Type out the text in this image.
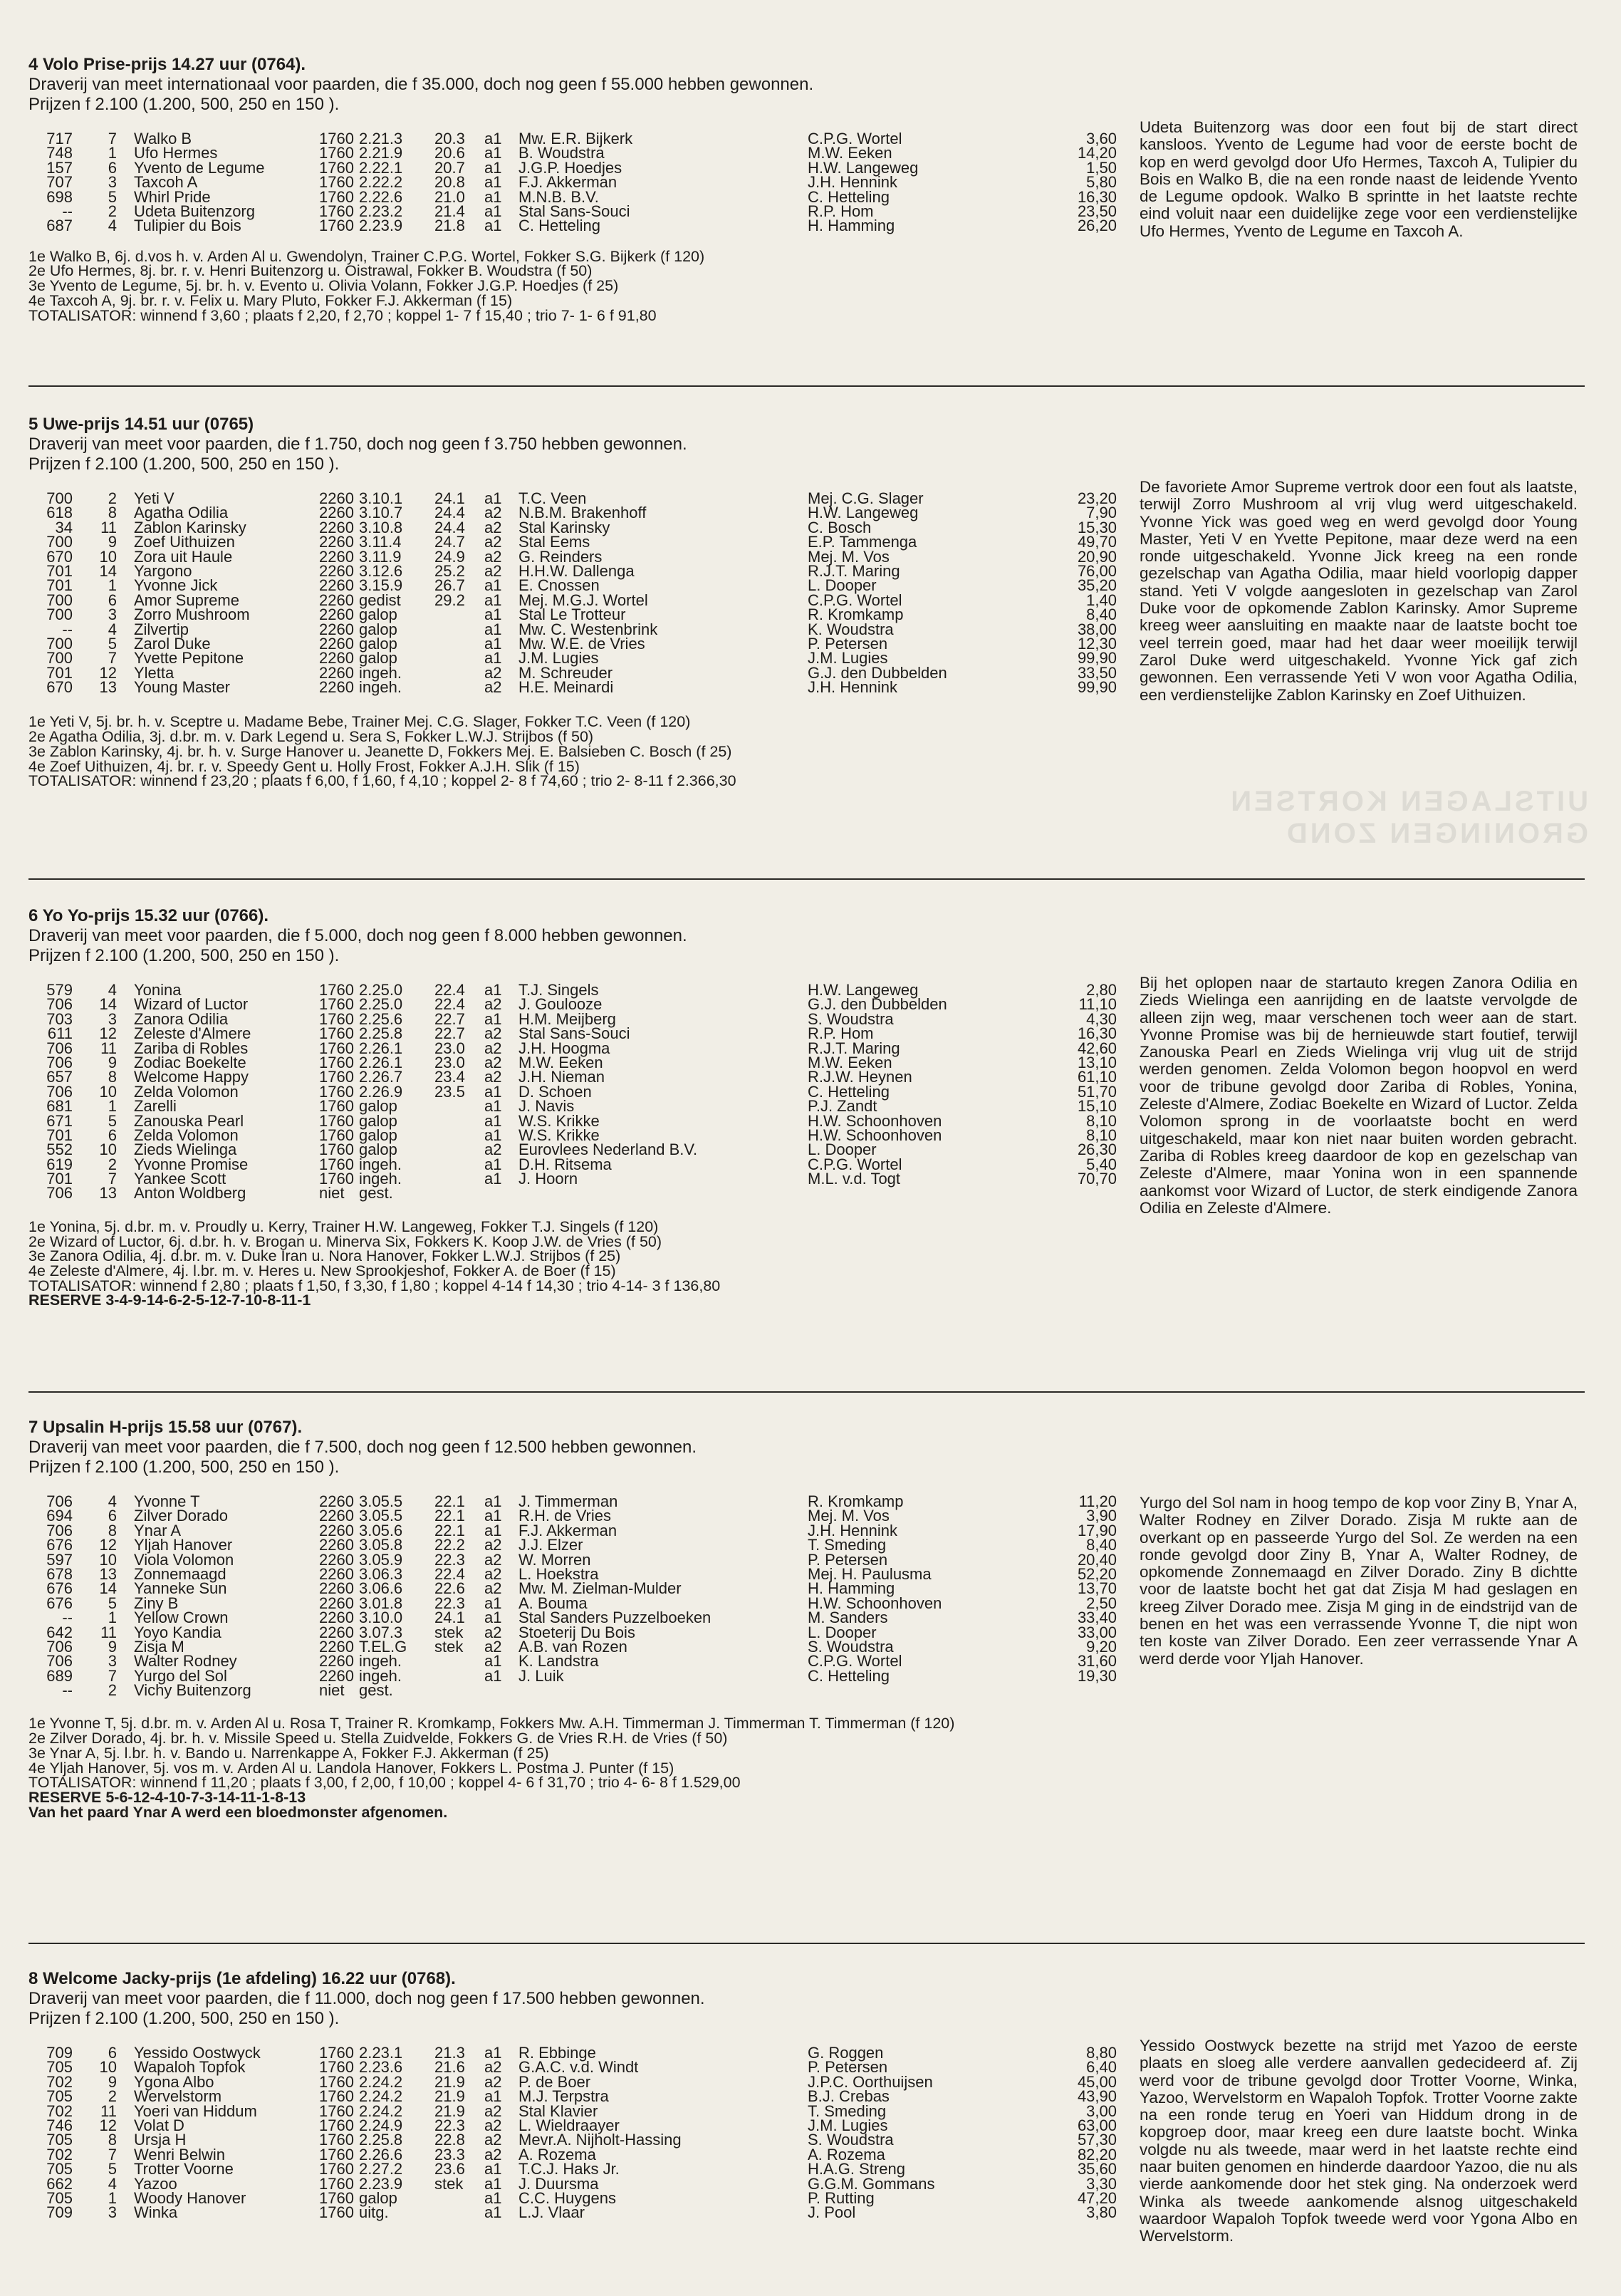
UITSLAGEN KORTSEN GRONINGEN ZOND
4 Volo Prise-prijs 14.27 uur (0764).
Draverij van meet internationaal voor paarden, die f 35.000, doch nog geen f 55.000 hebben gewonnen.
Prijzen f 2.100 (1.200, 500, 250 en 150 ).
717	7 Walko B	1760 2.21.3 20.3 a1 Mw. E.R. Bijkerk	C.P.G. Wortel	3,60
748	1 Ufo Hermes	1760 2.21.9 20.6 a1 B. Woudstra	M.W. Eeken	14,20
157	6 Yvento de Legume	1760 2.22.1 20.7 a1 J.G.P. Hoedjes	H.W. Langeweg	1,50
707	3 Taxcoh A	1760 2.22.2 20.8 a1 F.J. Akkerman	J.H. Hennink	5,80
698	5 Whirl Pride	1760 2.22.6 21.0 a1 M.N.B. B.V.	C. Hetteling	16,30
--	2 Udeta Buitenzorg	1760 2.23.2 21.4 a1 Stal Sans-Souci	R.P. Hom	23,50
687	4 Tulipier du Bois	1760 2.23.9 21.8 a1 C. Hetteling	H. Hamming	26,20
Udeta Buitenzorg was door een fout bij de start direct kansloos. Yvento de Legume had voor de eerste bocht de kop en werd gevolgd door Ufo Hermes, Taxcoh A, Tulipier du Bois en Walko B, die na een ronde naast de leidende Yvento de Legume opdook. Walko B sprintte in het laatste rechte eind voluit naar een duidelijke zege voor een verdienstelijke Ufo Hermes, Yvento de Legume en Taxcoh A.
1e Walko B, 6j. d.vos h. v. Arden Al u. Gwendolyn, Trainer C.P.G. Wortel, Fokker S.G. Bijkerk (f 120)
2e Ufo Hermes, 8j. br. r. v. Henri Buitenzorg u. Oistrawal, Fokker B. Woudstra (f 50)
3e Yvento de Legume, 5j. br. h. v. Evento u. Olivia Volann, Fokker J.G.P. Hoedjes (f 25)
4e Taxcoh A, 9j. br. r. v. Felix u. Mary Pluto, Fokker F.J. Akkerman (f 15)
TOTALISATOR: winnend f 3,60 ; plaats f 2,20, f 2,70 ; koppel 1- 7 f 15,40 ; trio 7- 1- 6 f 91,80
5 Uwe-prijs 14.51 uur (0765)
Draverij van meet voor paarden, die f 1.750, doch nog geen f 3.750 hebben gewonnen.
Prijzen f 2.100 (1.200, 500, 250 en 150 ).
700	2 Yeti V	2260 3.10.1 24.1 a1 T.C. Veen	Mej. C.G. Slager	23,20
618	8 Agatha Odilia	2260 3.10.7 24.4 a2 N.B.M. Brakenhoff	H.W. Langeweg	7,90
34	11 Zablon Karinsky	2260 3.10.8 24.4 a2 Stal Karinsky	C. Bosch	15,30
700	9 Zoef Uithuizen	2260 3.11.4 24.7 a2 Stal Eems	E.P. Tammenga	49,70
670	10 Zora uit Haule	2260 3.11.9 24.9 a2 G. Reinders	Mej. M. Vos	20,90
701	14 Yargono	2260 3.12.6 25.2 a2 H.H.W. Dallenga	R.J.T. Maring	76,00
701	1 Yvonne Jick	2260 3.15.9 26.7 a1 E. Cnossen	L. Dooper	35,20
700	6 Amor Supreme	2260 gedist 29.2 a1 Mej. M.G.J. Wortel	C.P.G. Wortel	1,40
700	3 Zorro Mushroom	2260 galop	a1 Stal Le Trotteur	R. Kromkamp	8,40
--	4 Zilvertip	2260 galop	a1 Mw. C. Westenbrink	K. Woudstra	38,00
700	5 Zarol Duke	2260 galop	a1 Mw. W.E. de Vries	P. Petersen	12,30
700	7 Yvette Pepitone	2260 galop	a1 J.M. Lugies	J.M. Lugies	99,90
701	12 Yletta	2260 ingeh.	a2 M. Schreuder	G.J. den Dubbelden	33,50
670	13 Young Master	2260 ingeh.	a2 H.E. Meinardi	J.H. Hennink	99,90
De favoriete Amor Supreme vertrok door een fout als laatste, terwijl Zorro Mushroom al vrij vlug werd uitgeschakeld. Yvonne Yick was goed weg en werd gevolgd door Young Master, Yeti V en Yvette Pepitone, maar deze werd na een ronde uitgeschakeld. Yvonne Jick kreeg na een ronde gezelschap van Agatha Odilia, maar hield voorlopig dapper stand. Yeti V volgde aangesloten in gezelschap van Zarol Duke voor de opkomende Zablon Karinsky. Amor Supreme kreeg weer aansluiting en maakte naar de laatste bocht toe veel terrein goed, maar had het daar weer moeilijk terwijl Zarol Duke werd uitgeschakeld. Yvonne Yick gaf zich gewonnen. Een verrassende Yeti V won voor Agatha Odilia, een verdienstelijke Zablon Karinsky en Zoef Uithuizen.
1e Yeti V, 5j. br. h. v. Sceptre u. Madame Bebe, Trainer Mej. C.G. Slager, Fokker T.C. Veen (f 120)
2e Agatha Odilia, 3j. d.br. m. v. Dark Legend u. Sera S, Fokker L.W.J. Strijbos (f 50)
3e Zablon Karinsky, 4j. br. h. v. Surge Hanover u. Jeanette D, Fokkers Mej. E. Balsieben C. Bosch (f 25)
4e Zoef Uithuizen, 4j. br. r. v. Speedy Gent u. Holly Frost, Fokker A.J.H. Slik (f 15)
TOTALISATOR: winnend f 23,20 ; plaats f 6,00, f 1,60, f 4,10 ; koppel 2- 8 f 74,60 ; trio 2- 8-11 f 2.366,30
6 Yo Yo-prijs 15.32 uur (0766).
Draverij van meet voor paarden, die f 5.000, doch nog geen f 8.000 hebben gewonnen.
Prijzen f 2.100 (1.200, 500, 250 en 150 ).
579	4 Yonina	1760 2.25.0 22.4 a1 T.J. Singels	H.W. Langeweg	2,80
706	14 Wizard of Luctor	1760 2.25.0 22.4 a2 J. Goulooze	G.J. den Dubbelden	11,10
703	3 Zanora Odilia	1760 2.25.6 22.7 a1 H.M. Meijberg	S. Woudstra	4,30
611	12 Zeleste d'Almere	1760 2.25.8 22.7 a2 Stal Sans-Souci	R.P. Hom	16,30
706	11 Zariba di Robles	1760 2.26.1 23.0 a2 J.H. Hoogma	R.J.T. Maring	42,60
706	9 Zodiac Boekelte	1760 2.26.1 23.0 a2 M.W. Eeken	M.W. Eeken	13,10
657	8 Welcome Happy	1760 2.26.7 23.4 a2 J.H. Nieman	R.J.W. Heynen	61,10
706	10 Zelda Volomon	1760 2.26.9 23.5 a1 D. Schoen	C. Hetteling	51,70
681	1 Zarelli	1760 galop	a1 J. Navis	P.J. Zandt	15,10
671	5 Zanouska Pearl	1760 galop	a1 W.S. Krikke	H.W. Schoonhoven	8,10
701	6 Zelda Volomon	1760 galop	a1 W.S. Krikke	H.W. Schoonhoven	8,10
552	10 Zieds Wielinga	1760 galop	a2 Eurovlees Nederland B.V.	L. Dooper	26,30
619	2 Yvonne Promise	1760 ingeh.	a1 D.H. Ritsema	C.P.G. Wortel	5,40
701	7 Yankee Scott	1760 ingeh.	a1 J. Hoorn	M.L. v.d. Togt	70,70
706	13 Anton Woldberg	niet gest.
Bij het oplopen naar de startauto kregen Zanora Odilia en Zieds Wielinga een aanrijding en de laatste vervolgde de alleen zijn weg, maar verschenen toch weer aan de start. Yvonne Promise was bij de hernieuwde start foutief, terwijl Zanouska Pearl en Zieds Wielinga vrij vlug uit de strijd werden genomen. Zelda Volomon begon hoopvol en werd voor de tribune gevolgd door Zariba di Robles, Yonina, Zeleste d'Almere, Zodiac Boekelte en Wizard of Luctor. Zelda Volomon sprong in de voorlaatste bocht en werd uitgeschakeld, maar kon niet naar buiten worden gebracht. Zariba di Robles kreeg daardoor de kop en gezelschap van Zeleste d'Almere, maar Yonina won in een spannende aankomst voor Wizard of Luctor, de sterk eindigende Zanora Odilia en Zeleste d'Almere.
1e Yonina, 5j. d.br. m. v. Proudly u. Kerry, Trainer H.W. Langeweg, Fokker T.J. Singels (f 120)
2e Wizard of Luctor, 6j. d.br. h. v. Brogan u. Minerva Six, Fokkers K. Koop J.W. de Vries (f 50)
3e Zanora Odilia, 4j. d.br. m. v. Duke Iran u. Nora Hanover, Fokker L.W.J. Strijbos (f 25)
4e Zeleste d'Almere, 4j. l.br. m. v. Heres u. New Sprookjeshof, Fokker A. de Boer (f 15)
TOTALISATOR: winnend f 2,80 ; plaats f 1,50, f 3,30, f 1,80 ; koppel 4-14 f 14,30 ; trio 4-14- 3 f 136,80
RESERVE 3-4-9-14-6-2-5-12-7-10-8-11-1
7 Upsalin H-prijs 15.58 uur (0767).
Draverij van meet voor paarden, die f 7.500, doch nog geen f 12.500 hebben gewonnen.
Prijzen f 2.100 (1.200, 500, 250 en 150 ).
706	4 Yvonne T	2260 3.05.5 22.1 a1 J. Timmerman	R. Kromkamp	11,20
694	6 Zilver Dorado	2260 3.05.5 22.1 a1 R.H. de Vries	Mej. M. Vos	3,90
706	8 Ynar A	2260 3.05.6 22.1 a1 F.J. Akkerman	J.H. Hennink	17,90
676	12 Yljah Hanover	2260 3.05.8 22.2 a2 J.J. Elzer	T. Smeding	8,40
597	10 Viola Volomon	2260 3.05.9 22.3 a2 W. Morren	P. Petersen	20,40
678	13 Zonnemaagd	2260 3.06.3 22.4 a2 L. Hoekstra	Mej. H. Paulusma	52,20
676	14 Yanneke Sun	2260 3.06.6 22.6 a2 Mw. M. Zielman-Mulder	H. Hamming	13,70
676	5 Ziny B	2260 3.01.8 22.3 a1 A. Bouma	H.W. Schoonhoven	2,50
--	1 Yellow Crown	2260 3.10.0 24.1 a1 Stal Sanders Puzzelboeken	M. Sanders	33,40
642	11 Yoyo Kandia	2260 3.07.3 stek a2 Stoeterij Du Bois	L. Dooper	33,00
706	9 Zisja M	2260 T.EL.G stek a2 A.B. van Rozen	S. Woudstra	9,20
706	3 Walter Rodney	2260 ingeh.	a1 K. Landstra	C.P.G. Wortel	31,60
689	7 Yurgo del Sol	2260 ingeh.	a1 J. Luik	C. Hetteling	19,30
--	2 Vichy Buitenzorg	niet gest.
Yurgo del Sol nam in hoog tempo de kop voor Ziny B, Ynar A, Walter Rodney en Zilver Dorado. Zisja M rukte aan de overkant op en passeerde Yurgo del Sol. Ze werden na een ronde gevolgd door Ziny B, Ynar A, Walter Rodney, de opkomende Zonnemaagd en Zilver Dorado. Ziny B dichtte voor de laatste bocht het gat dat Zisja M had geslagen en kreeg Zilver Dorado mee. Zisja M ging in de eindstrijd van de benen en het was een verrassende Yvonne T, die nipt won ten koste van Zilver Dorado. Een zeer verrassende Ynar A werd derde voor Yljah Hanover.
1e Yvonne T, 5j. d.br. m. v. Arden Al u. Rosa T, Trainer R. Kromkamp, Fokkers Mw. A.H. Timmerman J. Timmerman T. Timmerman (f 120)
2e Zilver Dorado, 4j. br. h. v. Missile Speed u. Stella Zuidvelde, Fokkers G. de Vries R.H. de Vries (f 50)
3e Ynar A, 5j. l.br. h. v. Bando u. Narrenkappe A, Fokker F.J. Akkerman (f 25)
4e Yljah Hanover, 5j. vos m. v. Arden Al u. Landola Hanover, Fokkers L. Postma J. Punter (f 15)
TOTALISATOR: winnend f 11,20 ; plaats f 3,00, f 2,00, f 10,00 ; koppel 4- 6 f 31,70 ; trio 4- 6- 8 f 1.529,00
RESERVE 5-6-12-4-10-7-3-14-11-1-8-13
Van het paard Ynar A werd een bloedmonster afgenomen.
8 Welcome Jacky-prijs (1e afdeling) 16.22 uur (0768).
Draverij van meet voor paarden, die f 11.000, doch nog geen f 17.500 hebben gewonnen.
Prijzen f 2.100 (1.200, 500, 250 en 150 ).
709	6 Yessido Oostwyck	1760 2.23.1 21.3 a1 R. Ebbinge	G. Roggen	8,80
705	10 Wapaloh Topfok	1760 2.23.6 21.6 a2 G.A.C. v.d. Windt	P. Petersen	6,40
702	9 Ygona Albo	1760 2.24.2 21.9 a2 P. de Boer	J.P.C. Oorthuijsen	45,00
705	2 Wervelstorm	1760 2.24.2 21.9 a1 M.J. Terpstra	B.J. Crebas	43,90
702	11 Yoeri van Hiddum	1760 2.24.2 21.9 a2 Stal Klavier	T. Smeding	3,00
746	12 Volat D	1760 2.24.9 22.3 a2 L. Wieldraayer	J.M. Lugies	63,00
705	8 Ursja H	1760 2.25.8 22.8 a2 Mevr.A. Nijholt-Hassing	S. Woudstra	57,30
702	7 Wenri Belwin	1760 2.26.6 23.3 a2 A. Rozema	A. Rozema	82,20
705	5 Trotter Voorne	1760 2.27.2 23.6 a1 T.C.J. Haks Jr.	H.A.G. Streng	35,60
662	4 Yazoo	1760 2.23.9 stek a1 J. Duursma	G.G.M. Gommans	3,30
705	1 Woody Hanover	1760 galop	a1 C.C. Huygens	P. Rutting	47,20
709	3 Winka	1760 uitg.	a1 L.J. Vlaar	J. Pool	3,80
Yessido Oostwyck bezette na strijd met Yazoo de eerste plaats en sloeg alle verdere aanvallen gedecideerd af. Zij werd voor de tribune gevolgd door Trotter Voorne, Winka, Yazoo, Wervelstorm en Wapaloh Topfok. Trotter Voorne zakte na een ronde terug en Yoeri van Hiddum drong in de kopgroep door, maar kreeg een dure laatste bocht. Winka volgde nu als tweede, maar werd in het laatste rechte eind naar buiten genomen en hinderde daardoor Yazoo, die nu als vierde aankomende door het stek ging. Na onderzoek werd Winka als tweede aankomende alsnog uitgeschakeld waardoor Wapaloh Topfok tweede werd voor Ygona Albo en Wervelstorm.
